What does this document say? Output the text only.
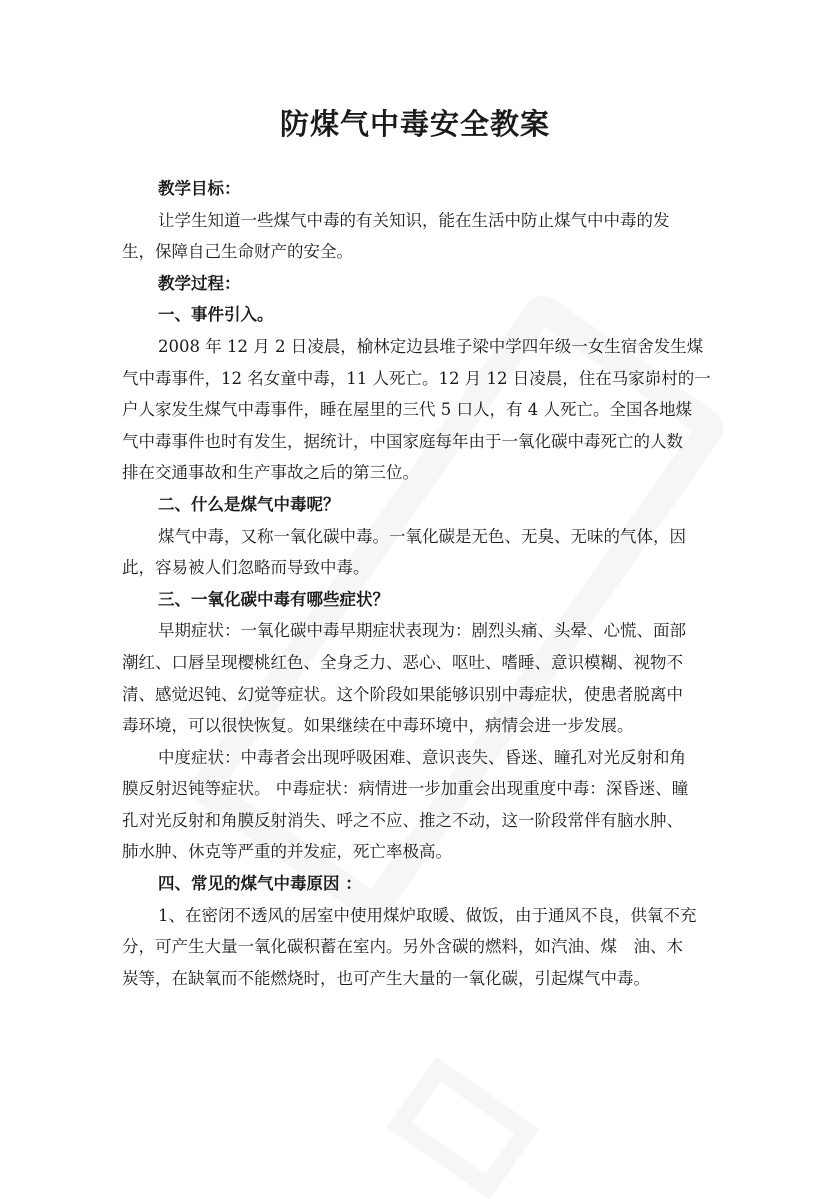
防煤气中毒安全教案
教学目标：
让学生知道一些煤气中毒的有关知识，能在生活中防止煤气中中毒的发
生，保障自己生命财产的安全。
教学过程：
一、事件引入。
2008 年 12 月 2 日凌晨，榆林定边县堆子梁中学四年级一女生宿舍发生煤
气中毒事件，12 名女童中毒，11 人死亡。12 月 12 日凌晨，住在马家峁村的一
户人家发生煤气中毒事件，睡在屋里的三代 5 口人，有 4 人死亡。全国各地煤
气中毒事件也时有发生，据统计，中国家庭每年由于一氧化碳中毒死亡的人数
排在交通事故和生产事故之后的第三位。
二、什么是煤气中毒呢？
煤气中毒，又称一氧化碳中毒。一氧化碳是无色、无臭、无味的气体，因
此，容易被人们忽略而导致中毒。
三、一氧化碳中毒有哪些症状？
早期症状：一氧化碳中毒早期症状表现为：剧烈头痛、头晕、心慌、面部
潮红、口唇呈现樱桃红色、全身乏力、恶心、呕吐、嗜睡、意识模糊、视物不
清、感觉迟钝、幻觉等症状。这个阶段如果能够识别中毒症状，使患者脱离中
毒环境，可以很快恢复。如果继续在中毒环境中，病情会进一步发展。
中度症状：中毒者会出现呼吸困难、意识丧失、昏迷、瞳孔对光反射和角
膜反射迟钝等症状。 中毒症状：病情进一步加重会出现重度中毒：深昏迷、瞳
孔对光反射和角膜反射消失、呼之不应、推之不动，这一阶段常伴有脑水肿、
肺水肿、休克等严重的并发症，死亡率极高。
四、常见的煤气中毒原因 ：
1、在密闭不透风的居室中使用煤炉取暖、做饭，由于通风不良，供氧不充
分，可产生大量一氧化碳积蓄在室内。另外含碳的燃料，如汽油、煤　油、木
炭等，在缺氧而不能燃烧时，也可产生大量的一氧化碳，引起煤气中毒。
